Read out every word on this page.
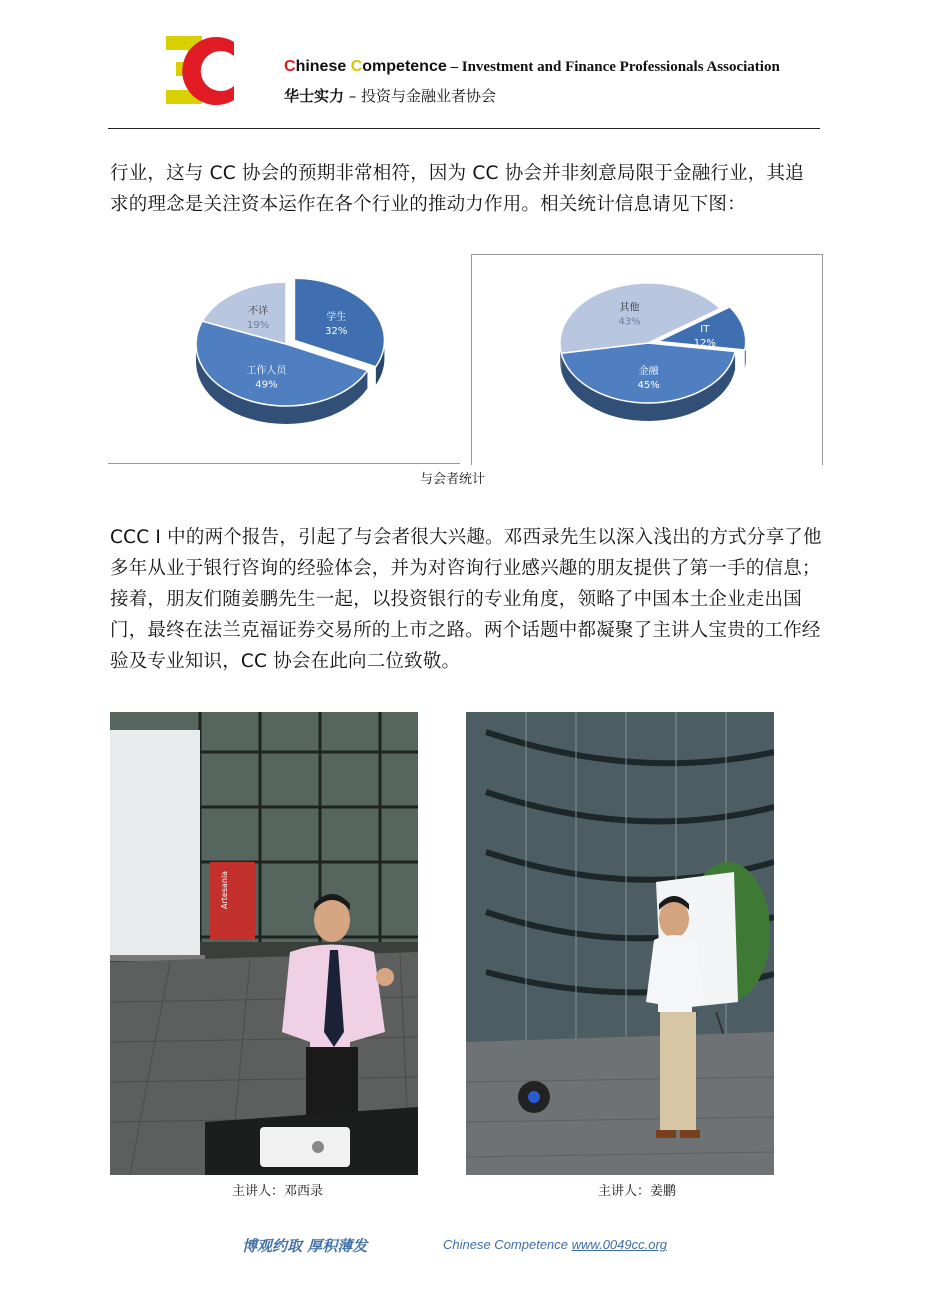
Chinese Competence – Investment and Finance Professionals Association
华士实力 – 投资与金融业者协会
行业，这与 CC 协会的预期非常相符，因为 CC 协会并非刻意局限于金融行业，其追求的理念是关注资本运作在各个行业的推动力作用。相关统计信息请见下图：
学生
32%
工作人员
49%
不详
19%	IT
12%
金融
45%
其他
43%
与会者统计
CCC I 中的两个报告，引起了与会者很大兴趣。邓西录先生以深入浅出的方式分享了他多年从业于银行咨询的经验体会，并为对咨询行业感兴趣的朋友提供了第一手的信息；接着，朋友们随姜鹏先生一起，以投资银行的专业角度，领略了中国本土企业走出国门，最终在法兰克福证券交易所的上市之路。两个话题中都凝聚了主讲人宝贵的工作经验及专业知识，CC 协会在此向二位致敬。
Artesania
主讲人：邓西录	主讲人：姜鹏
博观约取 厚积薄发	Chinese Competence www.0049cc.org
